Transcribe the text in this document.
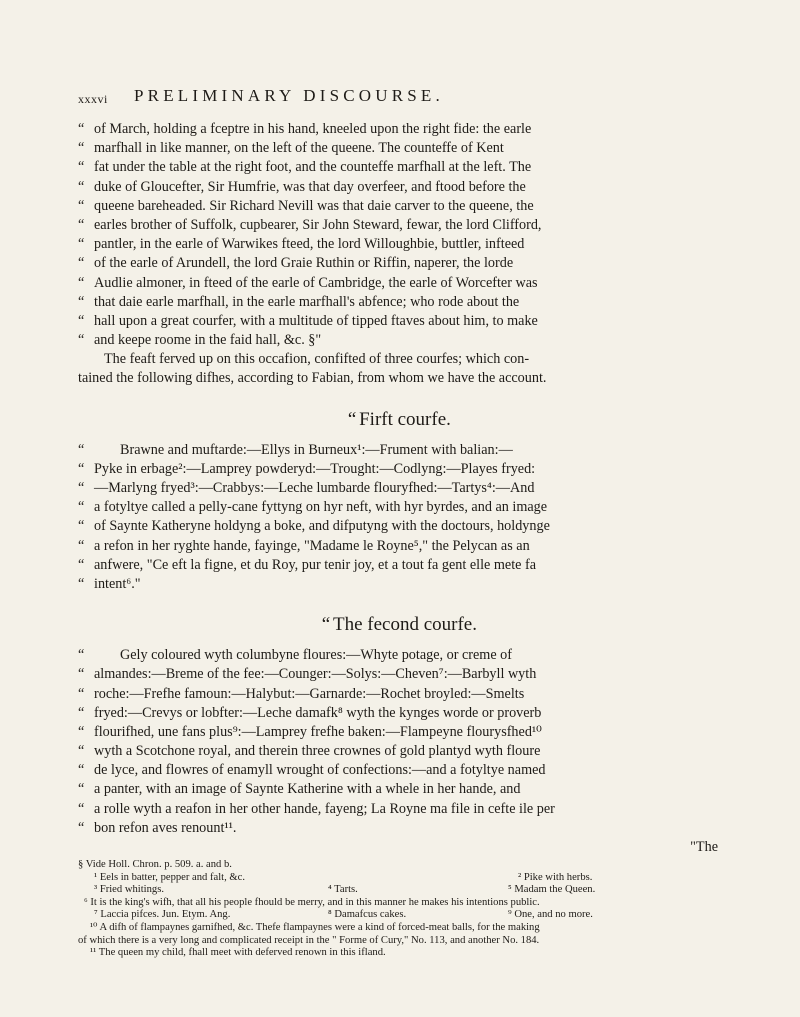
xxxvi PRELIMINARY DISCOURSE.
“ of March, holding a fceptre in his hand, kneeled upon the right fide: the earle
“ marfhall in like manner, on the left of the queene. The counteffe of Kent
“ fat under the table at the right foot, and the counteffe marfhall at the left. The
“ duke of Gloucefter, Sir Humfrie, was that day overfeer, and ftood before the
“ queene bareheaded. Sir Richard Nevill was that daie carver to the queene, the
“ earles brother of Suffolk, cupbearer, Sir John Steward, fewar, the lord Clifford,
“ pantler, in the earle of Warwikes fteed, the lord Willoughbie, buttler, infteed
“ of the earle of Arundell, the lord Graie Ruthin or Riffin, naperer, the lorde
“ Audlie almoner, in fteed of the earle of Cambridge, the earle of Worcefter was
“ that daie earle marfhall, in the earle marfhall's abfence; who rode about the
“ hall upon a great courfer, with a multitude of tipped ftaves about him, to make
“ and keepe roome in the faid hall, &c. §"
The feaft ferved up on this occafion, confifted of three courfes; which con-
tained the following difhes, according to Fabian, from whom we have the account.
“ Firft courfe.
“	Brawne and muftarde:—Ellys in Burneux¹:—Frument with balian:—
“ Pyke in erbage²:—Lamprey powderyd:—Trought:—Codlyng:—Playes fryed:
“ —Marlyng fryed³:—Crabbys:—Leche lumbarde flouryfhed:—Tartys⁴:—And
“ a fotyltye called a pelly-cane fyttyng on hyr neft, with hyr byrdes, and an image
“ of Saynte Katheryne holdyng a boke, and difputyng with the doctours, holdynge
“ a refon in her ryghte hande, fayinge, "Madame le Royne⁵," the Pelycan as an
“ anfwere, "Ce eft la figne, et du Roy, pur tenir joy, et a tout fa gent elle mete fa
“ intent⁶."
“ The fecond courfe.
“	Gely coloured wyth columbyne floures:—Whyte potage, or creme of
“ almandes:—Breme of the fee:—Counger:—Solys:—Cheven⁷:—Barbyll wyth
“ roche:—Frefhe famoun:—Halybut:—Garnarde:—Rochet broyled:—Smelts
“ fryed:—Crevys or lobfter:—Leche damafk⁸ wyth the kynges worde or proverb
“ flourifhed, une fans plus⁹:—Lamprey frefhe baken:—Flampeyne flourysfhed¹⁰
“ wyth a Scotchone royal, and therein three crownes of gold plantyd wyth floure
“ de lyce, and flowres of enamyll wrought of confections:—and a fotyltye named
“ a panter, with an image of Saynte Katherine with a whele in her hande, and
“ a rolle wyth a reafon in her other hande, fayeng; La Royne ma file in cefte ile per
“ bon refon aves renount¹¹.
"The
§ Vide Holl. Chron. p. 509. a. and b.
¹ Eels in batter, pepper and falt, &c.	² Pike with herbs.
³ Fried whitings.	⁴ Tarts.	⁵ Madam the Queen.
⁶ It is the king's wifh, that all his people fhould be merry, and in this manner he makes his intentions public.
⁷ Laccia pifces. Jun. Etym. Ang.	⁸ Damafcus cakes.	⁹ One, and no more.
¹⁰ A difh of flampaynes garnifhed, &c. Thefe flampaynes were a kind of forced-meat balls, for the making
of which there is a very long and complicated receipt in the " Forme of Cury," No. 113, and another No. 184.
¹¹ The queen my child, fhall meet with deferved renown in this ifland.
